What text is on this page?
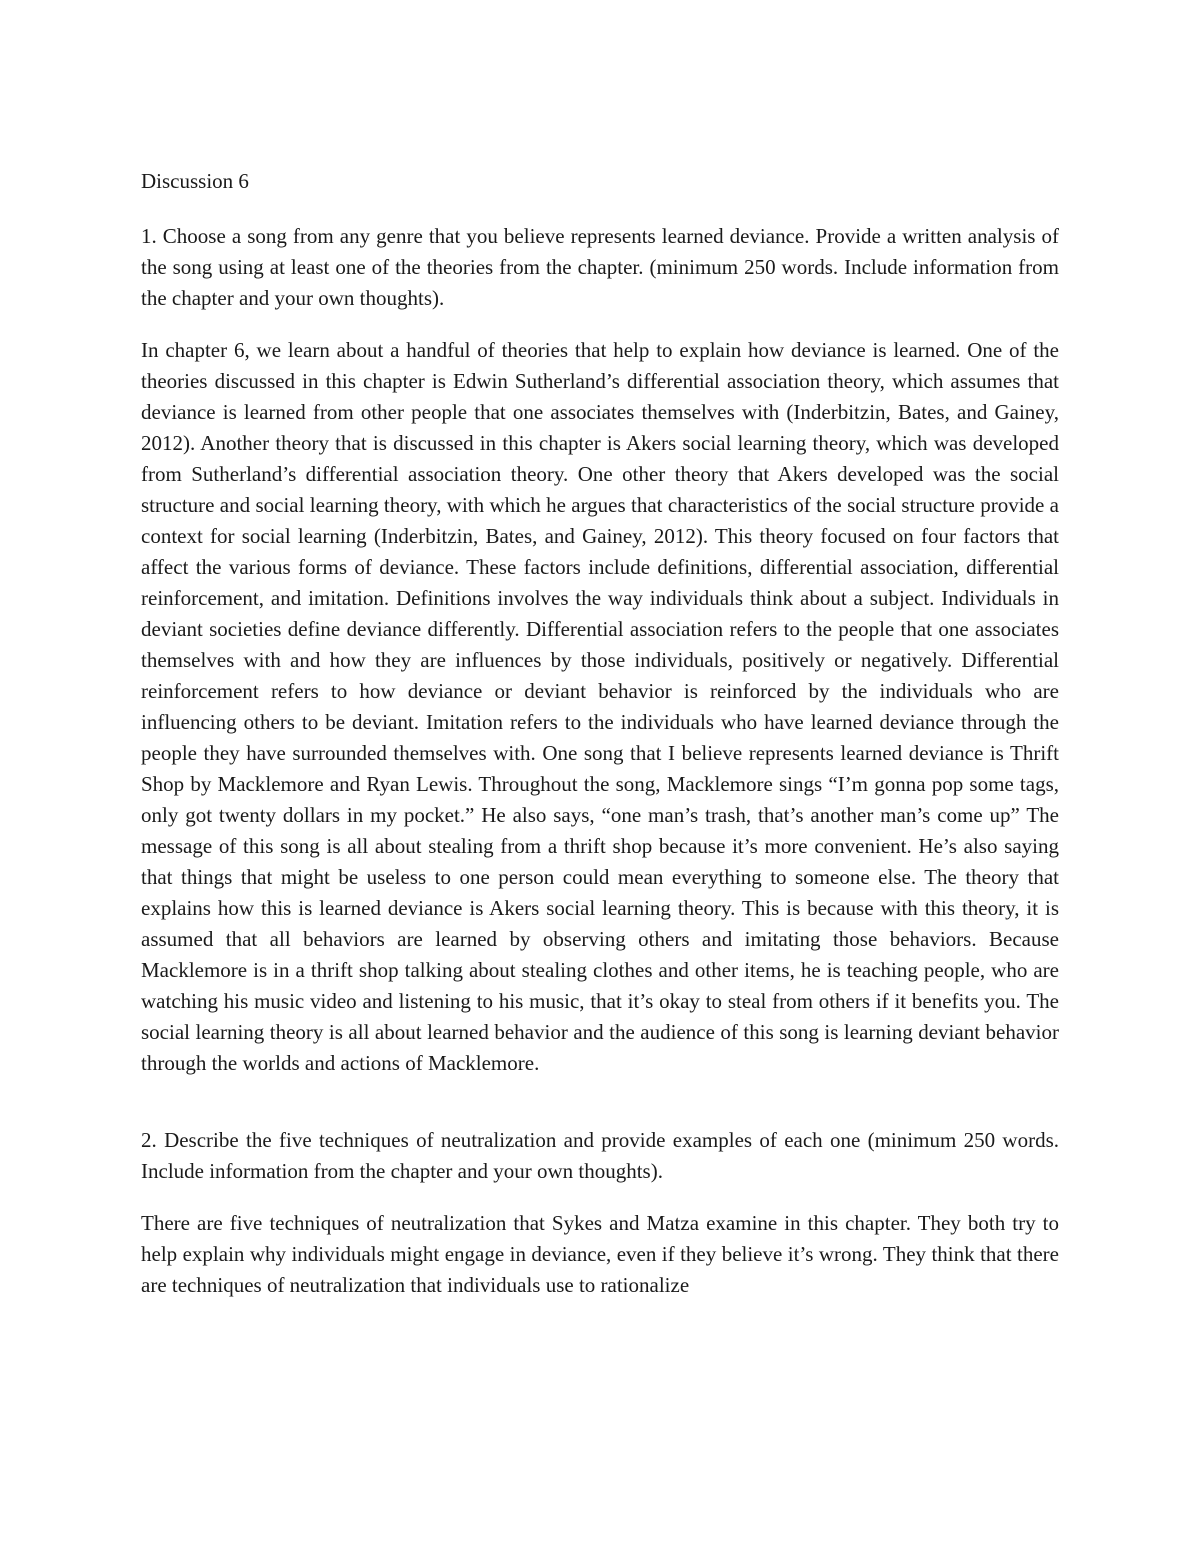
Discussion 6

1. Choose a song from any genre that you believe represents learned deviance. Provide a written analysis of the song using at least one of the theories from the chapter. (minimum 250 words. Include information from the chapter and your own thoughts).

In chapter 6, we learn about a handful of theories that help to explain how deviance is learned. One of the theories discussed in this chapter is Edwin Sutherland’s differential association theory, which assumes that deviance is learned from other people that one associates themselves with (Inderbitzin, Bates, and Gainey, 2012). Another theory that is discussed in this chapter is Akers social learning theory, which was developed from Sutherland’s differential association theory. One other theory that Akers developed was the social structure and social learning theory, with which he argues that characteristics of the social structure provide a context for social learning (Inderbitzin, Bates, and Gainey, 2012). This theory focused on four factors that affect the various forms of deviance. These factors include definitions, differential association, differential reinforcement, and imitation. Definitions involves the way individuals think about a subject. Individuals in deviant societies define deviance differently. Differential association refers to the people that one associates themselves with and how they are influences by those individuals, positively or negatively. Differential reinforcement refers to how deviance or deviant behavior is reinforced by the individuals who are influencing others to be deviant. Imitation refers to the individuals who have learned deviance through the people they have surrounded themselves with. One song that I believe represents learned deviance is Thrift Shop by Macklemore and Ryan Lewis. Throughout the song, Macklemore sings “I’m gonna pop some tags, only got twenty dollars in my pocket.” He also says, “one man’s trash, that’s another man’s come up” The message of this song is all about stealing from a thrift shop because it’s more convenient. He’s also saying that things that might be useless to one person could mean everything to someone else. The theory that explains how this is learned deviance is Akers social learning theory. This is because with this theory, it is assumed that all behaviors are learned by observing others and imitating those behaviors. Because Macklemore is in a thrift shop talking about stealing clothes and other items, he is teaching people, who are watching his music video and listening to his music, that it’s okay to steal from others if it benefits you. The social learning theory is all about learned behavior and the audience of this song is learning deviant behavior through the worlds and actions of Macklemore.

2. Describe the five techniques of neutralization and provide examples of each one (minimum 250 words. Include information from the chapter and your own thoughts).

There are five techniques of neutralization that Sykes and Matza examine in this chapter. They both try to help explain why individuals might engage in deviance, even if they believe it’s wrong. They think that there are techniques of neutralization that individuals use to rationalize
